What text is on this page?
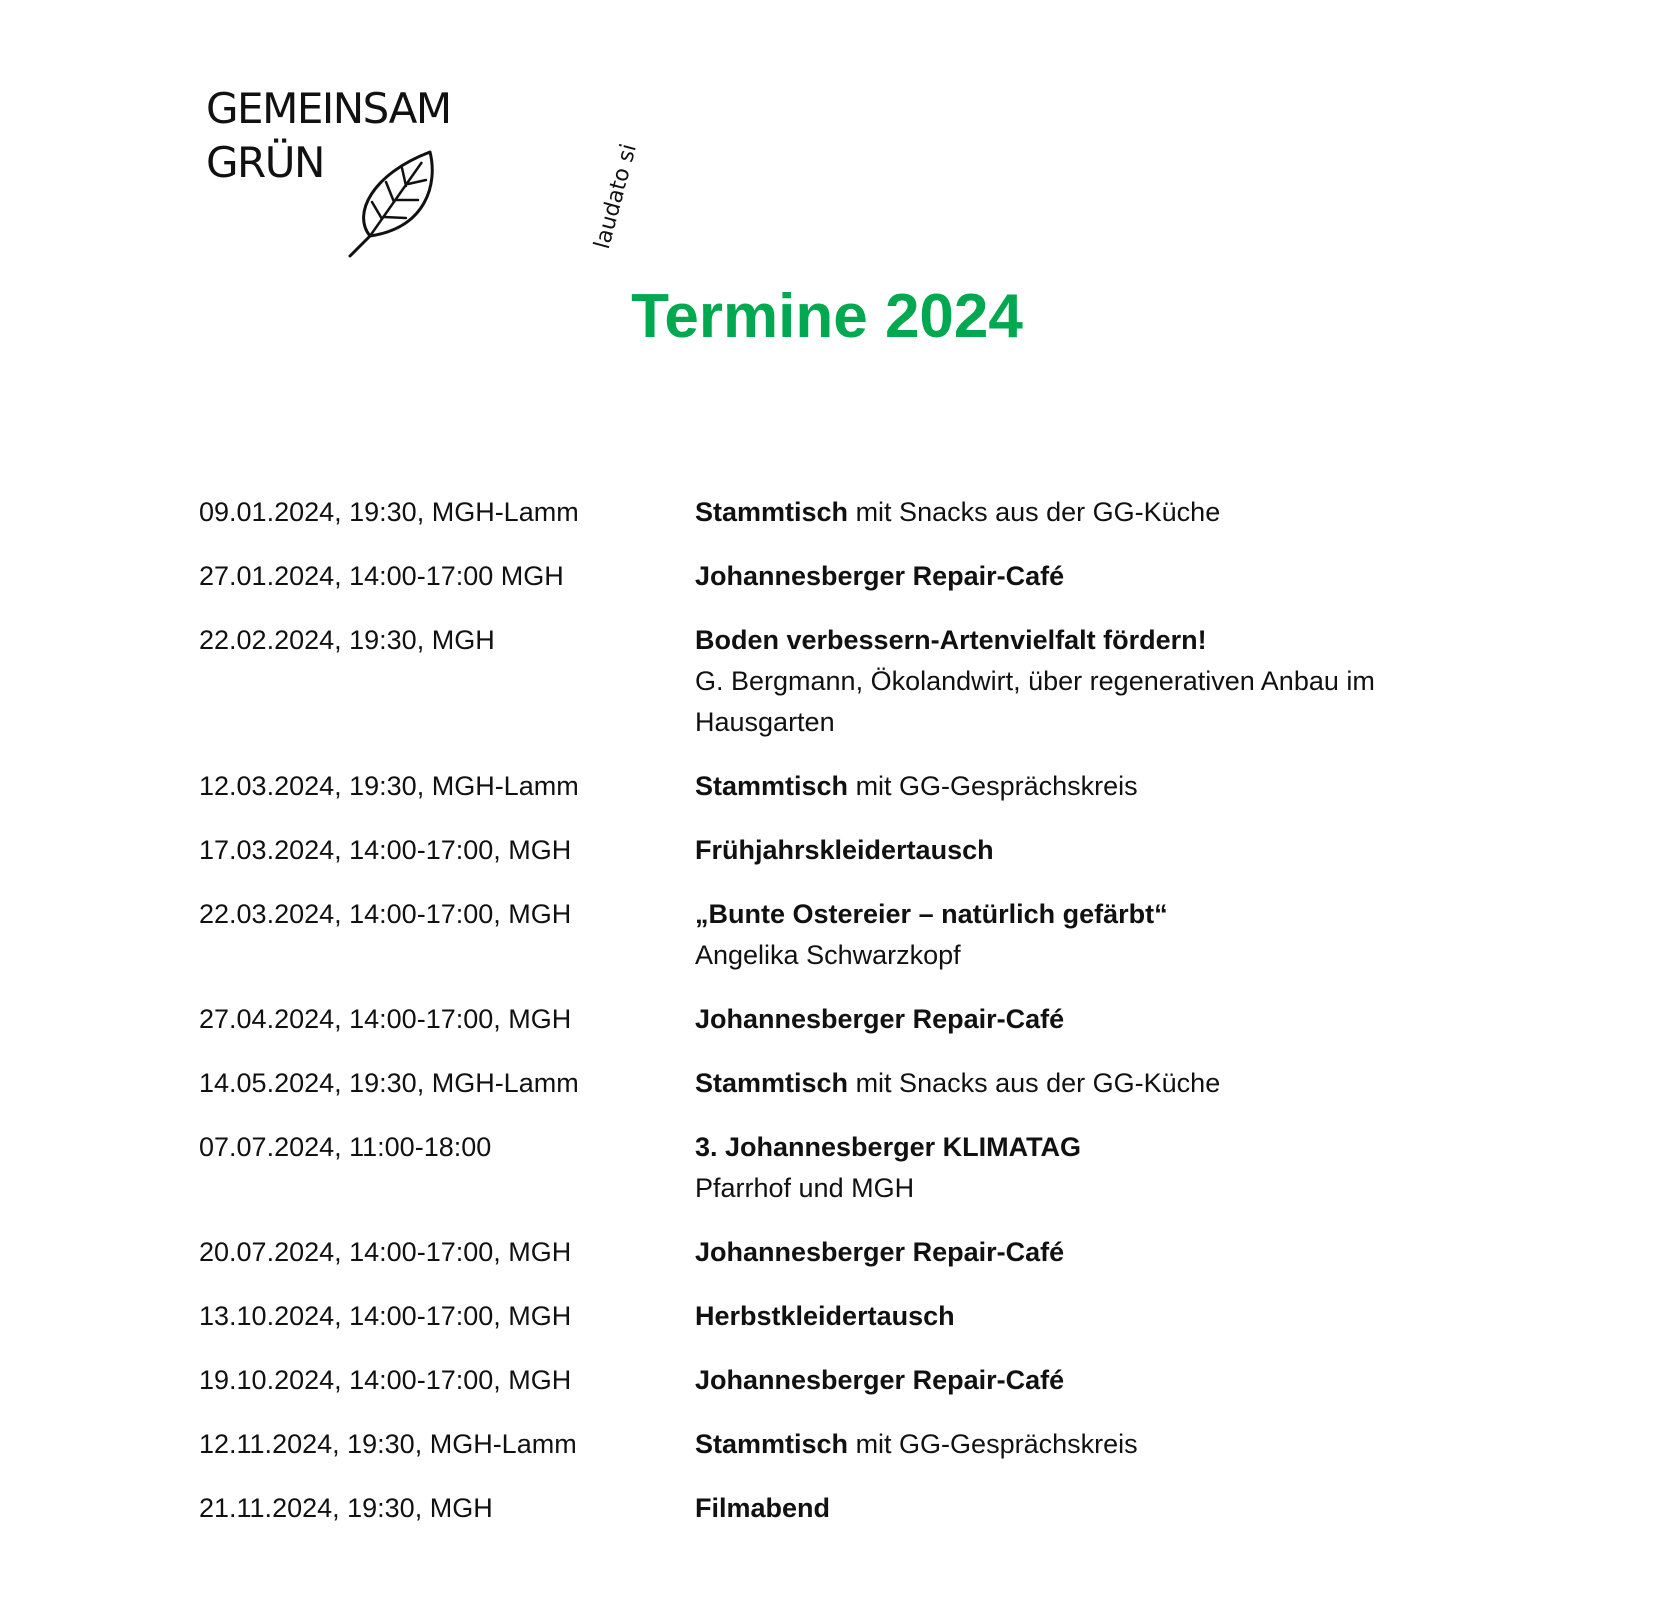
GEMEINSAM
GRÜN	laudato si
Termine 2024
09.01.2024, 19:30, MGH-Lamm	Stammtisch mit Snacks aus der GG-Küche
27.01.2024, 14:00-17:00 MGH	Johannesberger Repair-Café
22.02.2024, 19:30, MGH	Boden verbessern-Artenvielfalt fördern!
G. Bergmann, Ökolandwirt, über regenerativen Anbau im Hausgarten
12.03.2024, 19:30, MGH-Lamm	Stammtisch mit GG-Gesprächskreis
17.03.2024, 14:00-17:00, MGH	Frühjahrskleidertausch
22.03.2024, 14:00-17:00, MGH	„Bunte Ostereier – natürlich gefärbt“
Angelika Schwarzkopf
27.04.2024, 14:00-17:00, MGH	Johannesberger Repair-Café
14.05.2024, 19:30, MGH-Lamm	Stammtisch mit Snacks aus der GG-Küche
07.07.2024, 11:00-18:00	3. Johannesberger KLIMATAG
Pfarrhof und MGH
20.07.2024, 14:00-17:00, MGH	Johannesberger Repair-Café
13.10.2024, 14:00-17:00, MGH	Herbstkleidertausch
19.10.2024, 14:00-17:00, MGH	Johannesberger Repair-Café
12.11.2024, 19:30, MGH-Lamm	Stammtisch mit GG-Gesprächskreis
21.11.2024, 19:30, MGH	Filmabend
